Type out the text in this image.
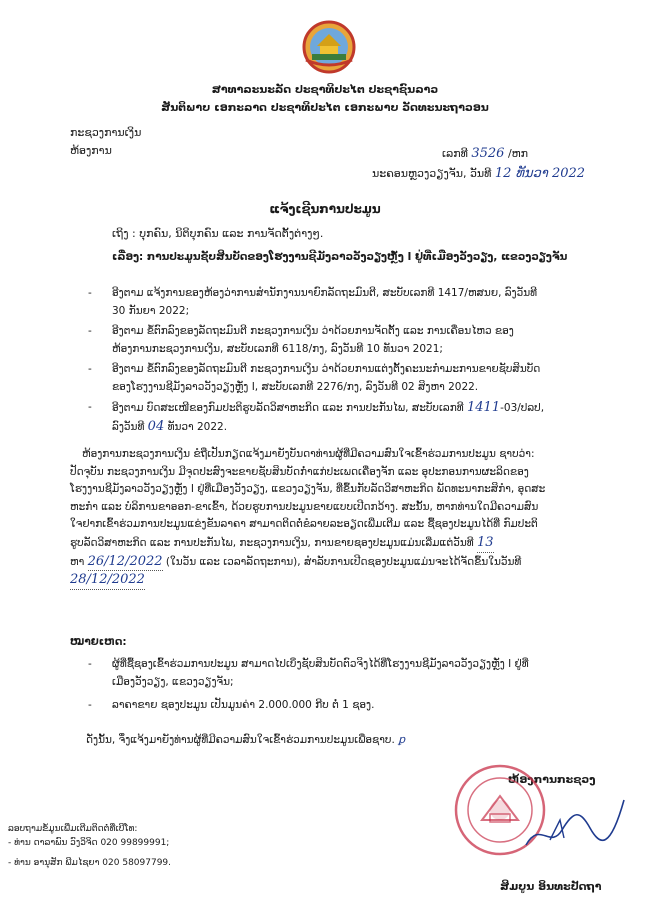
ສາທາລະນະລັດ ປະຊາທິປະໄຕ ປະຊາຊົນລາວ
ສັນຕິພາບ ເອກະລາດ ປະຊາທິປະໄຕ ເອກະພາບ ວັດທະນະຖາວອນ
ກະຊວງການເງິນ
ຫ້ອງການ	ເລກທີ 3526 /ຫກ
ນະຄອນຫຼວງວຽງຈັນ, ວັນທີ 12 ທັນວາ 2022
ແຈ້ງເຊີນການປະມູນ
ເຖິງ : ບຸກຄົນ, ນິຕິບຸກຄົນ ແລະ ການຈັດຕັ້ງຕ່າງໆ.
ເລື່ອງ: ການປະມູນຊັບສິນບັດຂອງໂຮງງານຊີມັງລາວວັງວຽງຫຼັ່ງ I ຢູ່ທີ່ເມືອງວັງວຽງ, ແຂວງວຽງຈັນ
-	ອີງຕາມ ແຈ້ງການຂອງຫ້ອງວ່າການສຳນັກງານນາຍົກລັດຖະມົນຕີ, ສະບັບເລກທີ 1417/ຫສນຍ, ລົງວັນທີ
30 ກັນຍາ 2022;
-	ອີງຕາມ ຂໍ້ຕົກລົງຂອງລັດຖະມົນຕີ ກະຊວງການເງິນ ວ່າດ້ວຍການຈັດຕັ້ງ ແລະ ການເຄື່ອນໄຫວ ຂອງ
ຫ້ອງການກະຊວງການເງິນ, ສະບັບເລກທີ 6118/ກງ, ລົງວັນທີ 10 ທັນວາ 2021;
-	ອີງຕາມ ຂໍ້ຕົກລົງຂອງລັດຖະມົນຕີ ກະຊວງການເງິນ ວ່າດ້ວຍການແຕ່ງຕັ້ງຄະນະກຳມະການຂາຍຊັບສິນບັດ
ຂອງໂຮງງານຊີມັງລາວວັງວຽງຫຼັ່ງ I, ສະບັບເລກທີ 2276/ກງ, ລົງວັນທີ 02 ສິງຫາ 2022.
-	ອີງຕາມ ບົດສະເໜີຂອງກົມປະຕິຮູບລັດວິສາຫະກິດ ແລະ ການປະກັນໄພ, ສະບັບເລກທີ 1411-03/ປລປ,
ລົງວັນທີ 04 ທັນວາ 2022.
ຫ້ອງການກະຊວງການເງິນ ຂໍຖືເປັນກຽດແຈ້ງມາຍັງບັນດາທ່ານຜູ້ທີ່ມີຄວາມສົນໃຈເຂົ້າຮ່ວມການປະມູນ ຊາບວ່າ:
ປັດຈຸບັນ ກະຊວງການເງິນ ມີຈຸດປະສົງຈະຂາຍຊັບສິນບັດກໍ່າແກ່ປະເພດເຄື່ອງຈັກ ແລະ ອຸປະກອນການຜະລິດຂອງ
ໂຮງງານຊີມັງລາວວັງວຽງຫຼັ່ງ I ຢູ່ທີ່ເມືອງວັງວຽງ, ແຂວງວຽງຈັນ, ທີ່ຂຶ້ນກັບລັດວິສາຫະກິດ ພັດທະນາກະສິກຳ, ອຸດສະ
ຫະກຳ ແລະ ບໍລິການຂາອອກ-ຂາເຂົ້າ, ດ້ວຍຮູບການປະມູນຂາຍແບບເປີດກວ້າງ. ສະນັ້ນ, ຫາກທ່ານໃດມີຄວາມສົນ
ໃຈຢາກເຂົ້າຮ່ວມການປະມູນແຂ່ງຂັນລາຄາ ສາມາດຕິດຕໍ່ຂໍລາຍລະອຽດເພີ່ມເຕີມ ແລະ ຊື້ຊອງປະມູນໄດ້ທີ່ ກົມປະຕິ
ຮູບລັດວິສາຫະກິດ ແລະ ການປະກັນໄພ, ກະຊວງການເງິນ, ການຂາຍຊອງປະມູນແມ່ນເລີ່ມແຕ່ວັນທີ 13
ຫາ 26/12/2022 (ໃນວັນ ແລະ ເວລາລັດຖະການ), ສຳລັບການເປີດຊອງປະມູນແມ່ນຈະໄດ້ຈັດຂຶ້ນໃນວັນທີ
28/12/2022
ໝາຍເຫດ:
-	ຜູ້ທີ່ຊື້ຊອງເຂົ້າຮ່ວມການປະມູນ ສາມາດໄປເບິ່ງຊັບສິນບັດຕົວຈິງໄດ້ທີ່ໂຮງງານຊີມັງລາວວັງວຽງຫຼັ່ງ I ຢູ່ທີ່
ເມືອງວັງວຽງ, ແຂວງວຽງຈັນ;
-	ລາຄາຂາຍ ຊອງປະມູນ ເປັນມູນຄ່າ 2.000.000 ກີບ ຕໍ່ 1 ຊອງ.
ດັ່ງນັ້ນ, ຈຶ່ງແຈ້ງມາຍັງທ່ານຜູ້ທີ່ມີຄວາມສົນໃຈເຂົ້າຮ່ວມການປະມູນເພື່ອຊາບ. ꝑ
ຫ້ອງການກະຊວງ
ສິມບູນ ອິນທະປັດຖາ
ລອບຖາມຂໍ້ມູນເພີ່ມເຕີມຕິດຕໍ່ທີ່ເບີໂທ:
- ທ່ານ ດາລາພົນ ວົງວິຈິດ 020 99899991;
- ທ່ານ ອານຸສັກ ພີມໄຊຍາ 020 58097799.
